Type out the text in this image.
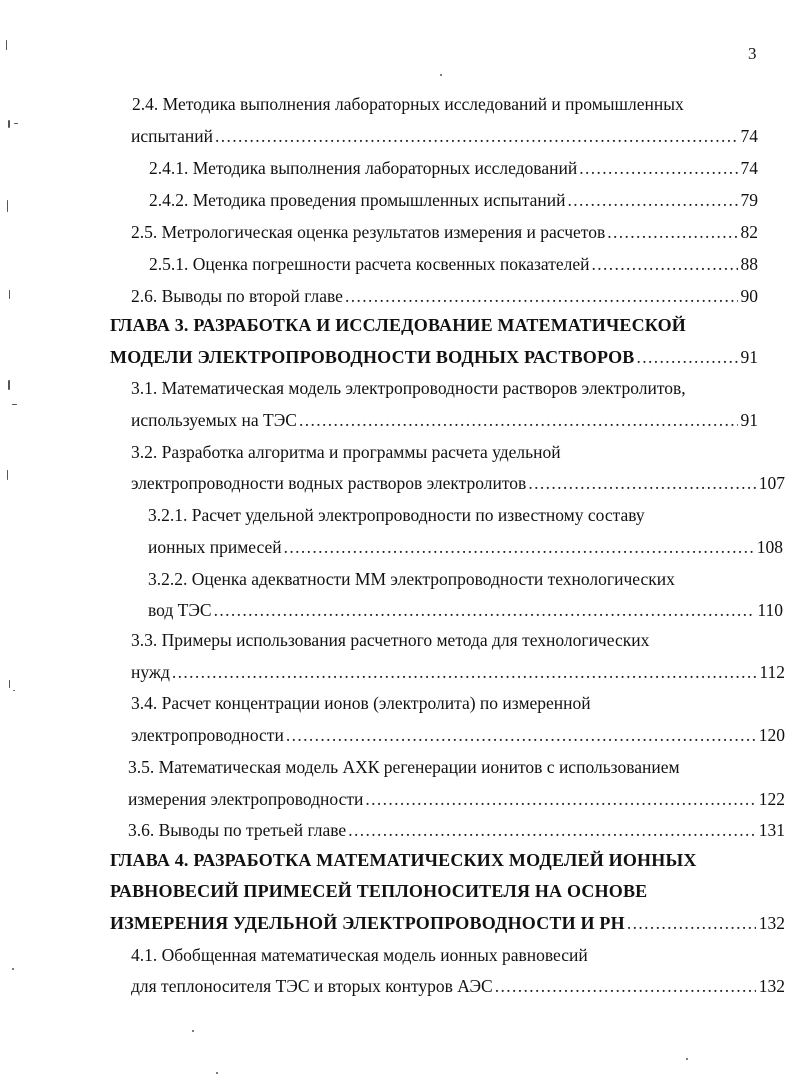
3
2.4. Методика выполнения лабораторных исследований и промышленных
испытаний . . .	74
2.4.1. Методика выполнения лабораторных исследований . . .	74
2.4.2. Методика проведения промышленных испытаний . . .	79
2.5. Метрологическая оценка результатов измерения и расчетов . . .	82
2.5.1. Оценка погрешности расчета косвенных показателей . . .	88
2.6. Выводы по второй главе . . .	90
ГЛАВА 3. РАЗРАБОТКА И ИССЛЕДОВАНИЕ МАТЕМАТИЧЕСКОЙ
МОДЕЛИ ЭЛЕКТРОПРОВОДНОСТИ ВОДНЫХ РАСТВОРОВ . . .	91
3.1. Математическая модель электропроводности растворов электролитов,
используемых на ТЭС . . .	91
3.2. Разработка алгоритма и программы расчета удельной
электропроводности водных растворов электролитов . . .	107
3.2.1. Расчет удельной электропроводности по известному составу
ионных примесей . . .	108
3.2.2. Оценка адекватности ММ электропроводности технологических
вод ТЭС . . .	110
3.3. Примеры использования расчетного метода для технологических
нужд . . .	112
3.4. Расчет концентрации ионов (электролита) по измеренной
электропроводности . . .	120
3.5. Математическая модель АХК регенерации ионитов с использованием
измерения электропроводности . . .	122
3.6. Выводы по третьей главе . . .	131
ГЛАВА 4. РАЗРАБОТКА МАТЕМАТИЧЕСКИХ МОДЕЛЕЙ ИОННЫХ
РАВНОВЕСИЙ ПРИМЕСЕЙ ТЕПЛОНОСИТЕЛЯ НА ОСНОВЕ
ИЗМЕРЕНИЯ УДЕЛЬНОЙ ЭЛЕКТРОПРОВОДНОСТИ И РН . . .	132
4.1. Обобщенная математическая модель ионных равновесий
для теплоносителя ТЭС и вторых контуров АЭС . . .	132
